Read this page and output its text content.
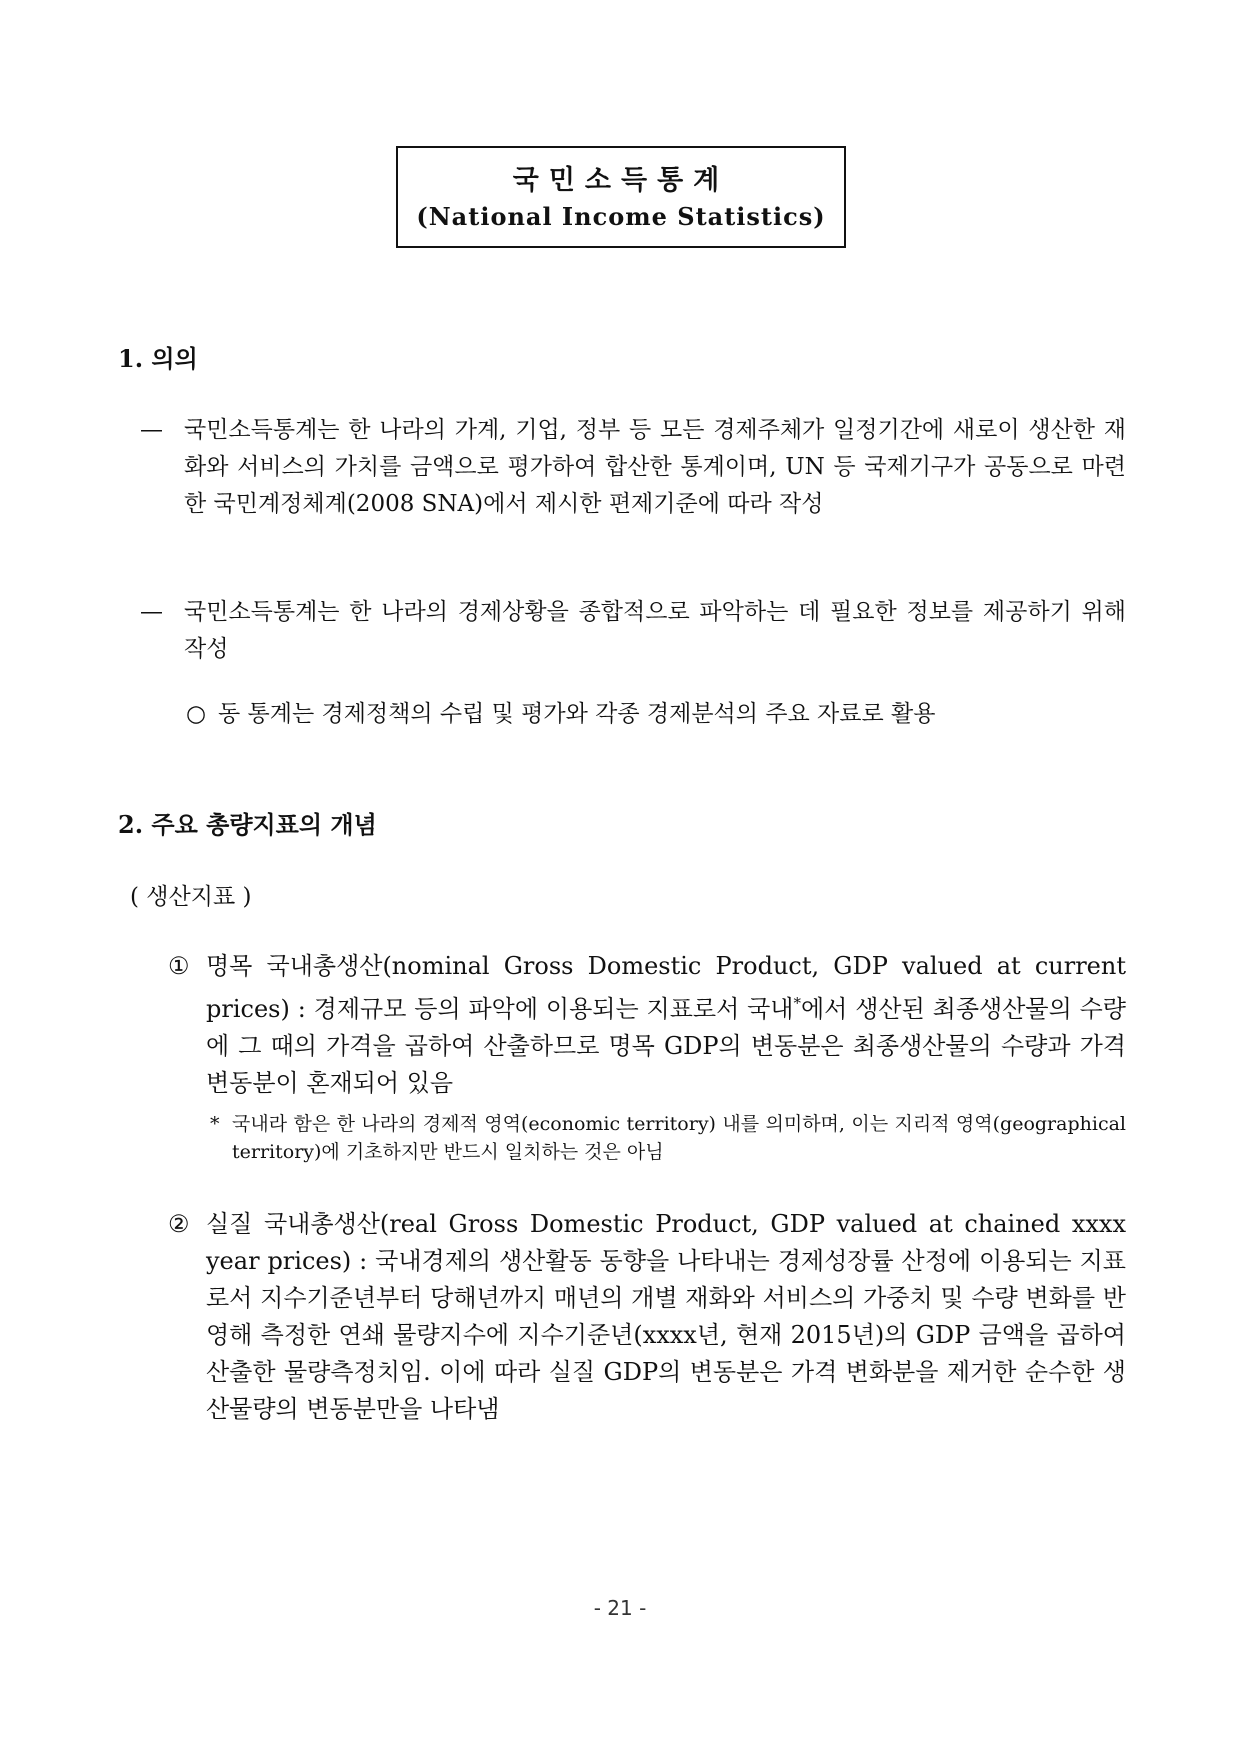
국민소득통계
(National Income Statistics)
1. 의의
— 국민소득통계는 한 나라의 가계, 기업, 정부 등 모든 경제주체가 일정기간에 새로이 생산한 재화와 서비스의 가치를 금액으로 평가하여 합산한 통계이며, UN 등 국제기구가 공동으로 마련한 국민계정체계(2008 SNA)에서 제시한 편제기준에 따라 작성
— 국민소득통계는 한 나라의 경제상황을 종합적으로 파악하는 데 필요한 정보를 제공하기 위해 작성
○ 동 통계는 경제정책의 수립 및 평가와 각종 경제분석의 주요 자료로 활용
2. 주요 총량지표의 개념
( 생산지표 )
① 명목 국내총생산(nominal Gross Domestic Product, GDP valued at current prices) : 경제규모 등의 파악에 이용되는 지표로서 국내*에서 생산된 최종생산물의 수량에 그 때의 가격을 곱하여 산출하므로 명목 GDP의 변동분은 최종생산물의 수량과 가격변동분이 혼재되어 있음
* 국내라 함은 한 나라의 경제적 영역(economic territory) 내를 의미하며, 이는 지리적 영역(geographical territory)에 기초하지만 반드시 일치하는 것은 아님
② 실질 국내총생산(real Gross Domestic Product, GDP valued at chained xxxx year prices) : 국내경제의 생산활동 동향을 나타내는 경제성장률 산정에 이용되는 지표로서 지수기준년부터 당해년까지 매년의 개별 재화와 서비스의 가중치 및 수량 변화를 반영해 측정한 연쇄 물량지수에 지수기준년(xxxx년, 현재 2015년)의 GDP 금액을 곱하여 산출한 물량측정치임. 이에 따라 실질 GDP의 변동분은 가격 변화분을 제거한 순수한 생산물량의 변동분만을 나타냄
- 21 -
